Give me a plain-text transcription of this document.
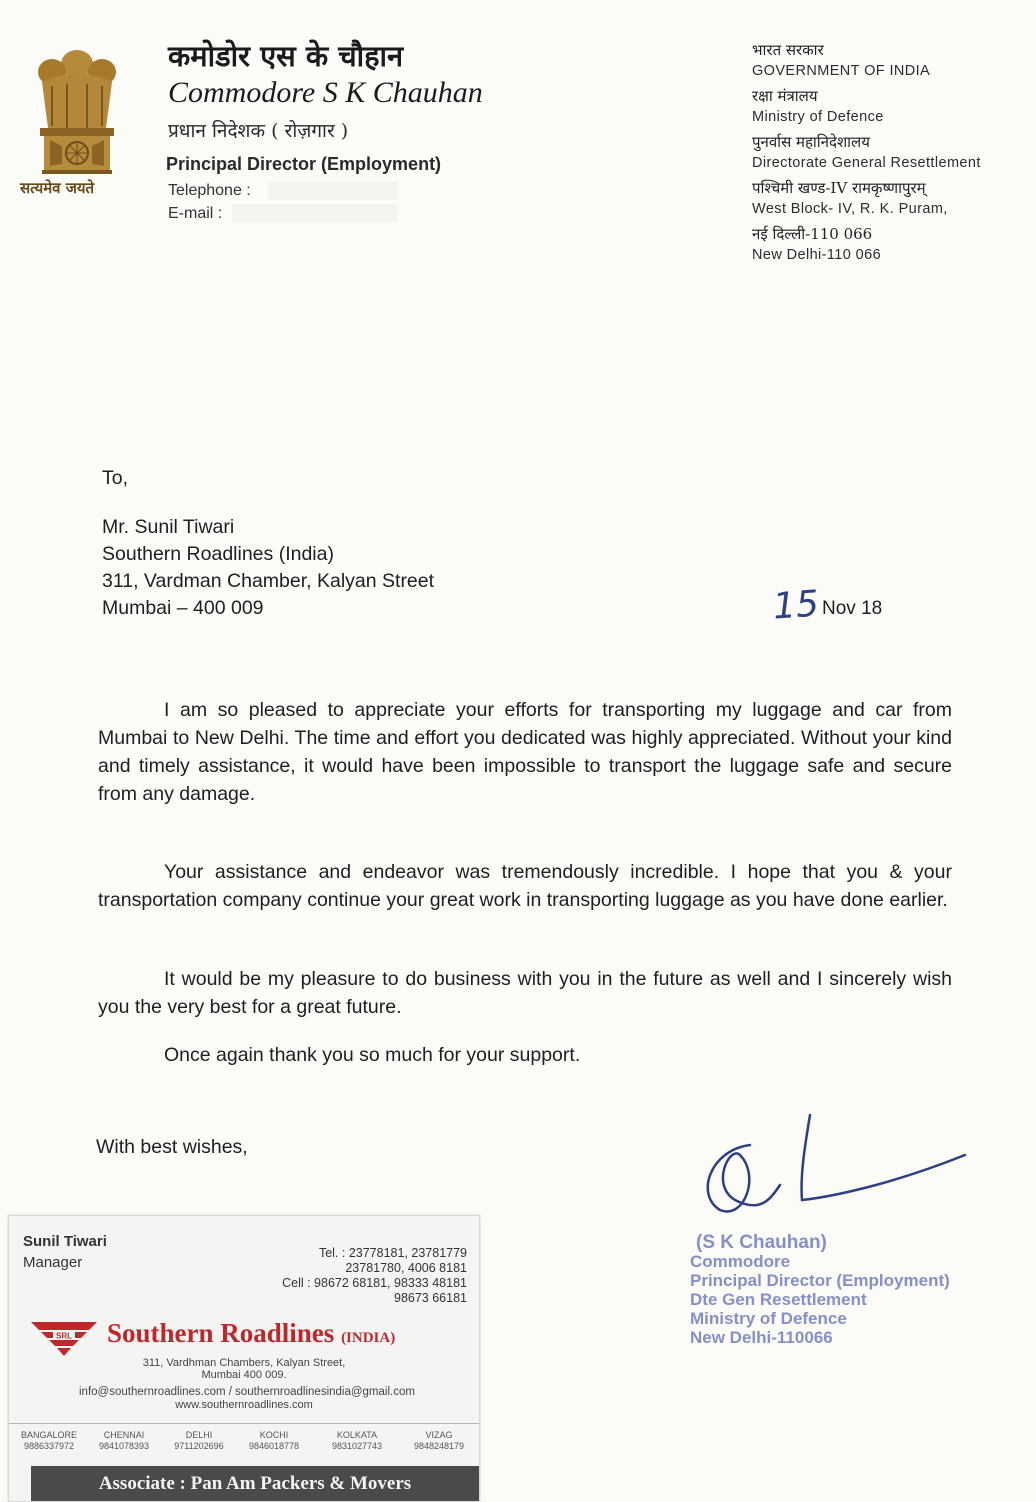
सत्यमेव जयते
कमोडोर एस के चौहान
Commodore S K Chauhan
प्रधान निदेशक ( रोज़गार )
Principal Director (Employment)
Telephone :
E-mail :
भारत सरकार
GOVERNMENT OF INDIA
रक्षा मंत्रालय
Ministry of Defence
पुनर्वास महानिदेशालय
Directorate General Resettlement
पश्चिमी खण्ड-IV रामकृष्णापुरम्
West Block- IV, R. K. Puram,
नई दिल्ली-110 066
New Delhi-110 066
To,
Mr. Sunil Tiwari
Southern Roadlines (India)
311, Vardman Chamber, Kalyan Street
Mumbai – 400 009	15 Nov 18
I am so pleased to appreciate your efforts for transporting my luggage and car from Mumbai to New Delhi. The time and effort you dedicated was highly appreciated. Without your kind and timely assistance, it would have been impossible to transport the luggage safe and secure from any damage.
Your assistance and endeavor was tremendously incredible. I hope that you & your transportation company continue your great work in transporting luggage as you have done earlier.
It would be my pleasure to do business with you in the future as well and I sincerely wish you the very best for a great future.
Once again thank you so much for your support.
With best wishes,
(S K Chauhan)
Commodore
Principal Director (Employment)
Dte Gen Resettlement
Ministry of Defence
New Delhi-110066
Sunil Tiwari
Manager
Tel. : 23778181, 23781779
23781780, 4006 8181
Cell : 98672 68181, 98333 48181
98673 66181
SRL Southern Roadlines (INDIA)
311, Vardhman Chambers, Kalyan Street,
Mumbai 400 009.
info@southernroadlines.com / southernroadlinesindia@gmail.com
www.southernroadlines.com
BANGALORE
9886337972
CHENNAI
9841078393
DELHI
9711202696
KOCHI
9846018778
KOLKATA
9831027743
VIZAG
9848248179
Associate : Pan Am Packers & Movers
